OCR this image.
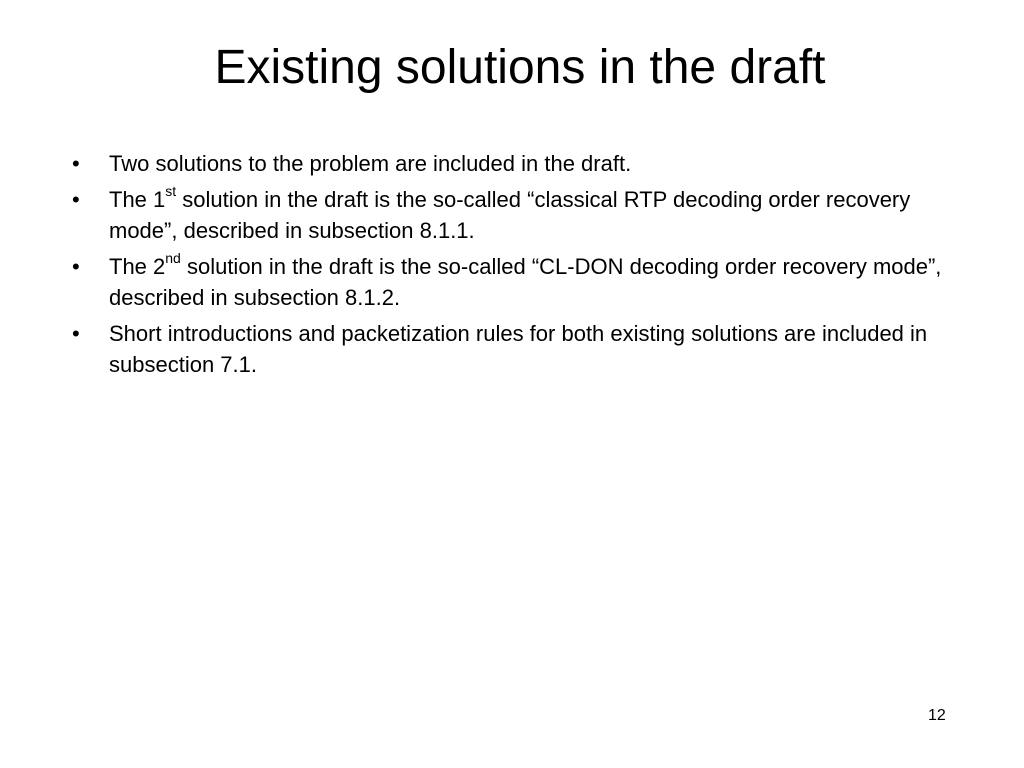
Existing solutions in the draft
•	Two solutions to the problem are included in the draft.
•	The 1st solution in the draft is the so-called “classical RTP decoding order recovery mode”, described in subsection 8.1.1.
•	The 2nd solution in the draft is the so-called “CL-DON decoding order recovery mode”, described in subsection 8.1.2.
•	Short introductions and packetization rules for both existing solutions are included in subsection 7.1.
12
